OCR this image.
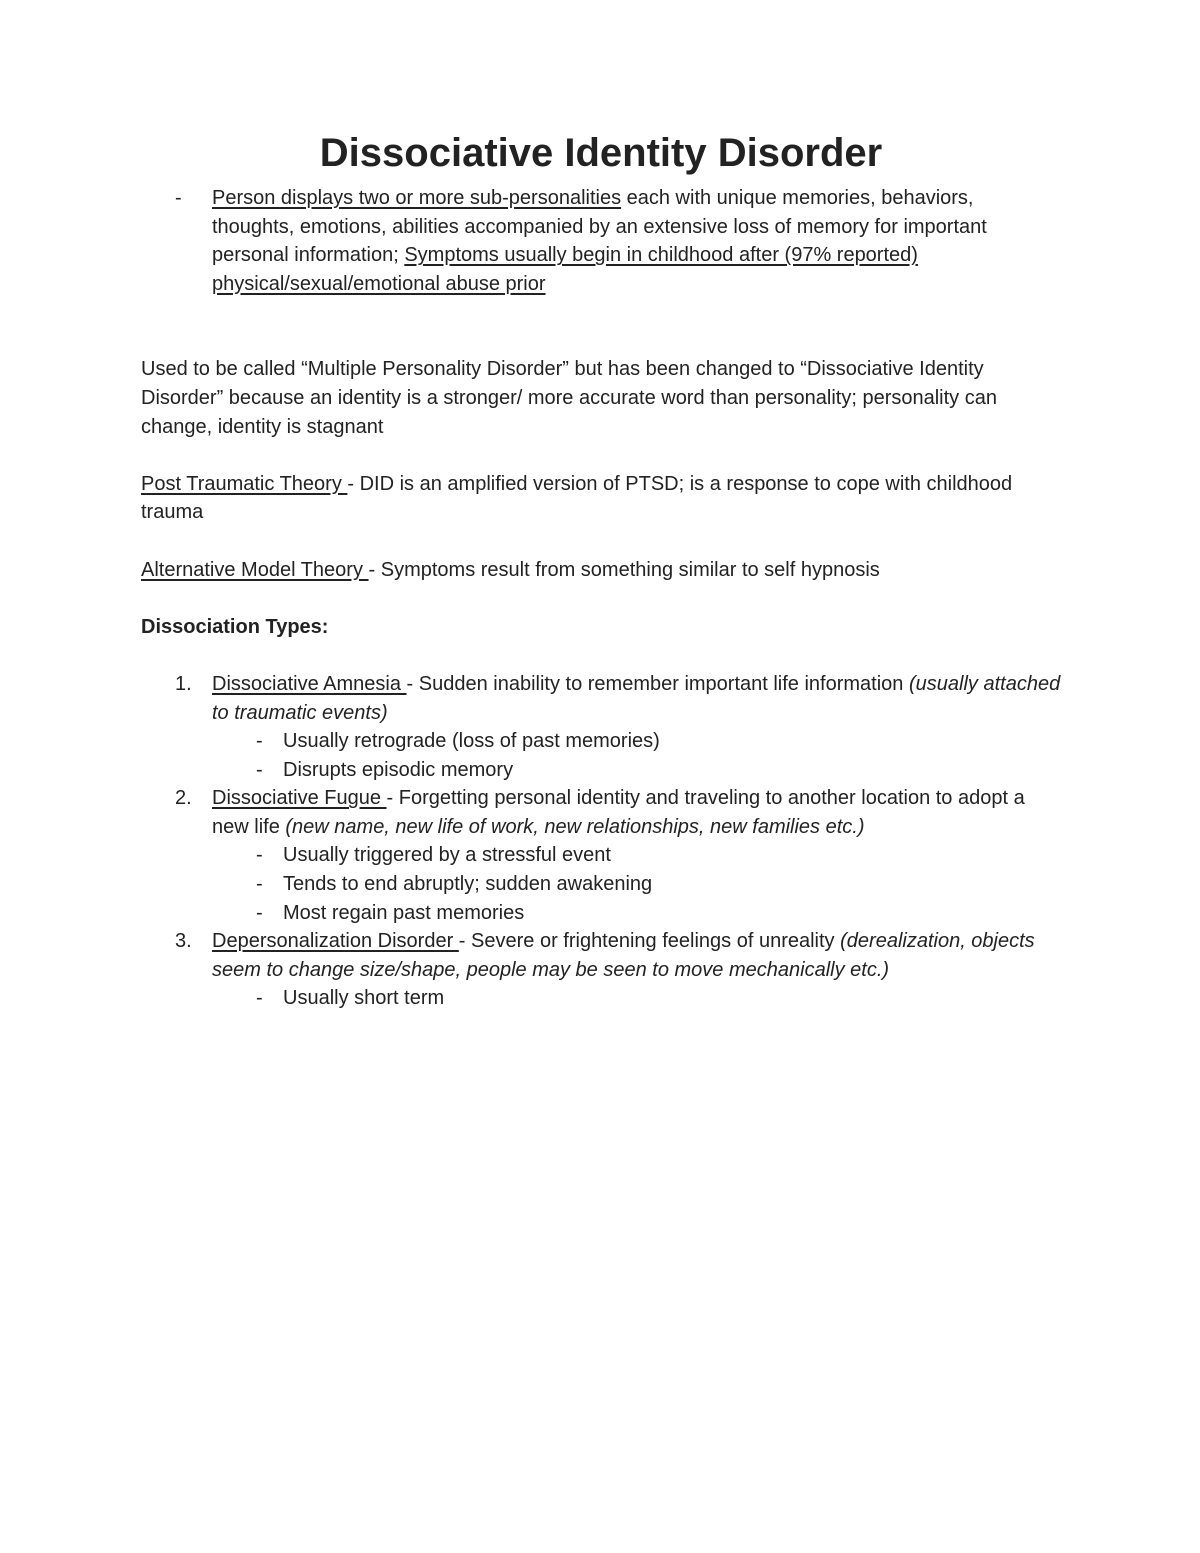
Dissociative Identity Disorder
- Person displays two or more sub-personalities each with unique memories, behaviors, thoughts, emotions, abilities accompanied by an extensive loss of memory for important personal information; Symptoms usually begin in childhood after (97% reported) physical/sexual/emotional abuse prior

Used to be called “Multiple Personality Disorder” but has been changed to “Dissociative Identity Disorder” because an identity is a stronger/ more accurate word than personality; personality can change, identity is stagnant

Post Traumatic Theory - DID is an amplified version of PTSD; is a response to cope with childhood trauma

Alternative Model Theory - Symptoms result from something similar to self hypnosis

Dissociation Types:

1. Dissociative Amnesia - Sudden inability to remember important life information (usually attached to traumatic events)
- Usually retrograde (loss of past memories)
- Disrupts episodic memory
2. Dissociative Fugue - Forgetting personal identity and traveling to another location to adopt a new life (new name, new life of work, new relationships, new families etc.)
- Usually triggered by a stressful event
- Tends to end abruptly; sudden awakening
- Most regain past memories
3. Depersonalization Disorder - Severe or frightening feelings of unreality (derealization, objects seem to change size/shape, people may be seen to move mechanically etc.)
- Usually short term
